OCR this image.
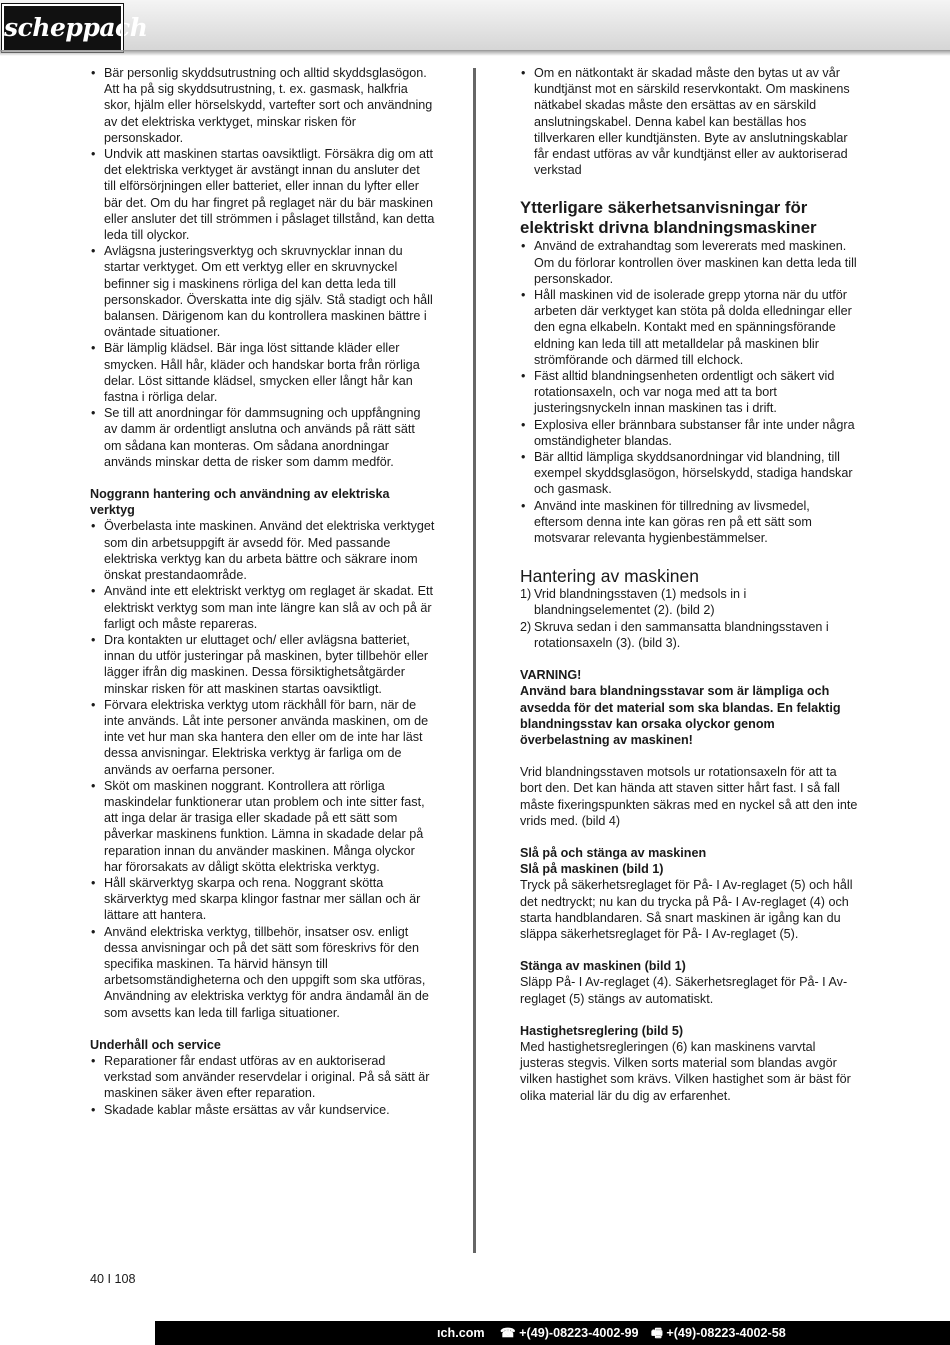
scheppach
• Bär personlig skyddsutrustning och alltid skyddsglasögon. Att ha på sig skyddsutrustning, t. ex. gasmask, halkfria skor, hjälm eller hörselskydd, vartefter sort och användning av det elektriska verktyget, minskar risken för personskador.
• Undvik att maskinen startas oavsiktligt. Försäkra dig om att det elektriska verktyget är avstängt innan du ansluter det till elförsörjningen eller batteriet, eller innan du lyfter eller bär det. Om du har fingret på reglaget när du bär maskinen eller ansluter det till strömmen i påslaget tillstånd, kan detta leda till olyckor.
• Avlägsna justeringsverktyg och skruvnycklar innan du startar verktyget. Om ett verktyg eller en skruvnyckel befinner sig i maskinens rörliga del kan detta leda till personskador. Överskatta inte dig själv. Stå stadigt och håll balansen. Därigenom kan du kontrollera maskinen bättre i oväntade situationer.
• Bär lämplig klädsel. Bär inga löst sittande kläder eller smycken. Håll hår, kläder och handskar borta från rörliga delar. Löst sittande klädsel, smycken eller långt hår kan fastna i rörliga delar.
• Se till att anordningar för dammsugning och uppfångning av damm är ordentligt anslutna och används på rätt sätt om sådana kan monteras. Om sådana anordningar används minskar detta de risker som damm medför.

Noggrann hantering och användning av elektriska verktyg

• Överbelasta inte maskinen. Använd det elektriska verktyget som din arbetsuppgift är avsedd för. Med passande elektriska verktyg kan du arbeta bättre och säkrare inom önskat prestandaområde.
• Använd inte ett elektriskt verktyg om reglaget är skadat. Ett elektriskt verktyg som man inte längre kan slå av och på är farligt och måste repareras.
• Dra kontakten ur eluttaget och/ eller avlägsna batteriet, innan du utför justeringar på maskinen, byter tillbehör eller lägger ifrån dig maskinen. Dessa försiktighetsåtgärder minskar risken för att maskinen startas oavsiktligt.
• Förvara elektriska verktyg utom räckhåll för barn, när de inte används. Låt inte personer använda maskinen, om de inte vet hur man ska hantera den eller om de inte har läst dessa anvisningar. Elektriska verktyg är farliga om de används av oerfarna personer.
• Sköt om maskinen noggrant. Kontrollera att rörliga maskindelar funktionerar utan problem och inte sitter fast, att inga delar är trasiga eller skadade på ett sätt som påverkar maskinens funktion. Lämna in skadade delar på reparation innan du använder maskinen. Många olyckor har förorsakats av dåligt skötta elektriska verktyg.
• Håll skärverktyg skarpa och rena. Noggrant skötta skärverktyg med skarpa klingor fastnar mer sällan och är lättare att hantera.
• Använd elektriska verktyg, tillbehör, insatser osv. enligt dessa anvisningar och på det sätt som föreskrivs för den specifika maskinen. Ta härvid hänsyn till arbetsomständigheterna och den uppgift som ska utföras, Användning av elektriska verktyg för andra ändamål än de som avsetts kan leda till farliga situationer.

Underhåll och service

• Reparationer får endast utföras av en auktoriserad verkstad som använder reservdelar i original. På så sätt är maskinen säker även efter reparation.
• Skadade kablar måste ersättas av vår kundservice.
• Om en nätkontakt är skadad måste den bytas ut av vår kundtjänst mot en särskild reservkontakt. Om maskinens nätkabel skadas måste den ersättas av en särskild anslutningskabel. Denna kabel kan beställas hos tillverkaren eller kundtjänsten. Byte av anslutningskablar får endast utföras av vår kundtjänst eller av auktoriserad verkstad

Ytterligare säkerhetsanvisningar för elektriskt drivna blandningsmaskiner

• Använd de extrahandtag som levererats med maskinen. Om du förlorar kontrollen över maskinen kan detta leda till personskador.
• Håll maskinen vid de isolerade grepp ytorna när du utför arbeten där verktyget kan stöta på dolda elledningar eller den egna elkabeln. Kontakt med en spänningsförande eldning kan leda till att metalldelar på maskinen blir strömförande och därmed till elchock.
• Fäst alltid blandningsenheten ordentligt och säkert vid rotationsaxeln, och var noga med att ta bort justeringsnyckeln innan maskinen tas i drift.
• Explosiva eller brännbara substanser får inte under några omständigheter blandas.
• Bär alltid lämpliga skyddsanordningar vid blandning, till exempel skyddsglasögon, hörselskydd, stadiga handskar och gasmask.
• Använd inte maskinen för tillredning av livsmedel, eftersom denna inte kan göras ren på ett sätt som motsvarar relevanta hygienbestämmelser.

Hantering av maskinen

1) Vrid blandningsstaven (1) medsols in i blandningselementet (2). (bild 2)
2) Skruva sedan i den sammansatta blandningsstaven i rotationsaxeln (3). (bild 3).

VARNING!

Använd bara blandningsstavar som är lämpliga och avsedda för det material som ska blandas. En felaktig blandningsstav kan orsaka olyckor genom överbelastning av maskinen!

Vrid blandningsstaven motsols ur rotationsaxeln för att ta bort den. Det kan hända att staven sitter hårt fast. I så fall måste fixeringspunkten säkras med en nyckel så att den inte vrids med. (bild 4)

Slå på och stänga av maskinen

Slå på maskinen (bild 1)

Tryck på säkerhetsreglaget för På- I Av-reglaget (5) och håll det nedtryckt; nu kan du trycka på På- I Av-reglaget (4) och starta handblandaren. Så snart maskinen är igång kan du släppa säkerhetsreglaget för På- I Av-reglaget (5).

Stänga av maskinen (bild 1)

Släpp På- I Av-reglaget (4). Säkerhetsreglaget för På- I Av-reglaget (5) stängs av automatiskt.

Hastighetsreglering (bild 5)

Med hastighetsregleringen (6) kan maskinens varvtal justeras stegvis. Vilken sorts material som blandas avgör vilken hastighet som krävs. Vilken hastighet som är bäst för olika material lär du dig av erfarenhet.

40 I 108
ıch.com ☎ +(49)-08223-4002-99 🖷 +(49)-08223-4002-58
